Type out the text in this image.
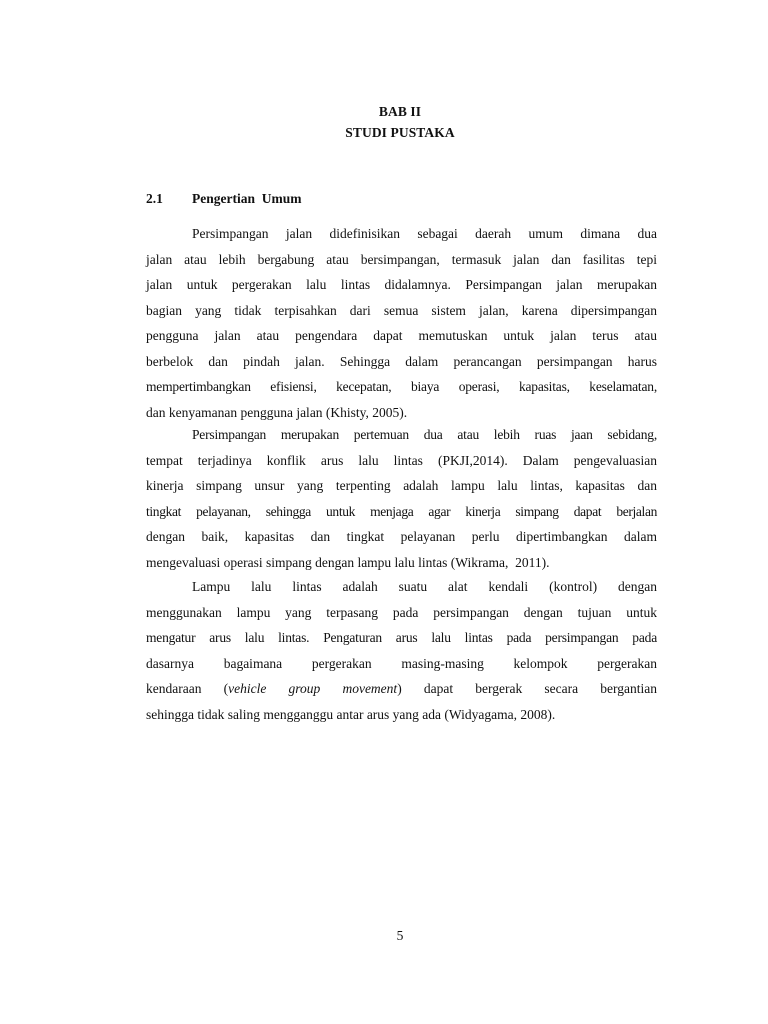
BAB II
STUDI PUSTAKA
2.1 Pengertian  Umum
Persimpangan jalan didefinisikan sebagai daerah umum dimana dua
jalan atau lebih bergabung atau bersimpangan, termasuk jalan dan fasilitas tepi
jalan untuk pergerakan lalu lintas didalamnya. Persimpangan jalan merupakan
bagian yang tidak terpisahkan dari semua sistem jalan, karena dipersimpangan
pengguna jalan atau pengendara dapat memutuskan untuk jalan terus atau
berbelok dan pindah jalan. Sehingga dalam perancangan persimpangan harus
mempertimbangkan efisiensi, kecepatan, biaya operasi, kapasitas, keselamatan,
dan kenyamanan pengguna jalan (Khisty, 2005).
Persimpangan merupakan pertemuan dua atau lebih ruas jaan sebidang,
tempat terjadinya konflik arus lalu lintas (PKJI,2014). Dalam pengevaluasian
kinerja simpang unsur yang terpenting adalah lampu lalu lintas, kapasitas dan
tingkat pelayanan, sehingga untuk menjaga agar kinerja simpang dapat berjalan
dengan baik, kapasitas dan tingkat pelayanan perlu dipertimbangkan dalam
mengevaluasi operasi simpang dengan lampu lalu lintas (Wikrama,  2011).
Lampu lalu lintas adalah suatu alat kendali (kontrol) dengan
menggunakan lampu yang terpasang pada persimpangan dengan tujuan untuk
mengatur arus lalu lintas. Pengaturan arus lalu lintas pada persimpangan pada
dasarnya bagaimana pergerakan masing-masing kelompok pergerakan
kendaraan (vehicle group movement) dapat bergerak secara bergantian
sehingga tidak saling mengganggu antar arus yang ada (Widyagama, 2008).
5
